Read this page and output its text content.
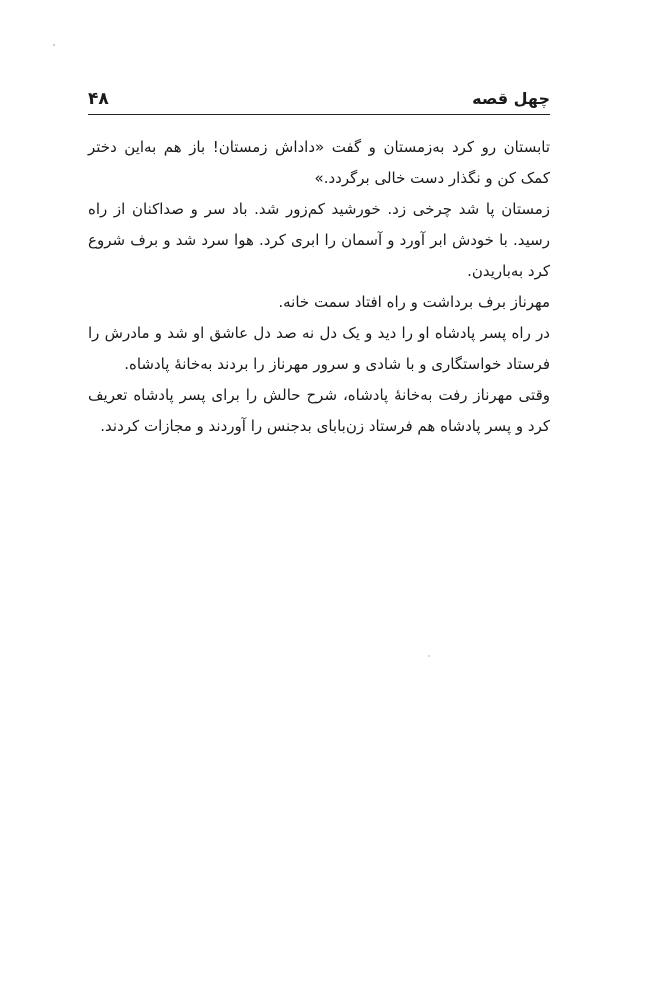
چهل قصه
۴۸

تابستان رو کرد به‌زمستان و گفت «داداش زمستان! باز هم به‌این دختر کمک کن و نگذار دست خالی برگردد.»

زمستان پا شد چرخی زد. خورشید کم‌زور شد. باد سر و صداکنان از راه رسید. با خودش ابر آورد و آسمان را ابری کرد. هوا سرد شد و برف شروع کرد به‌باریدن.

مهرناز برف برداشت و راه افتاد سمت خانه.

در راه پسر پادشاه او را دید و یک دل نه صد دل عاشق او شد و مادرش را فرستاد خواستگاری و با شادی و سرور مهرناز را بردند به‌خانهٔ پادشاه.

وقتی مهرناز رفت به‌خانهٔ پادشاه، شرح حالش را برای پسر پادشاه تعریف کرد و پسر پادشاه هم فرستاد زن‌بابای بدجنس را آوردند و مجازات کردند.
